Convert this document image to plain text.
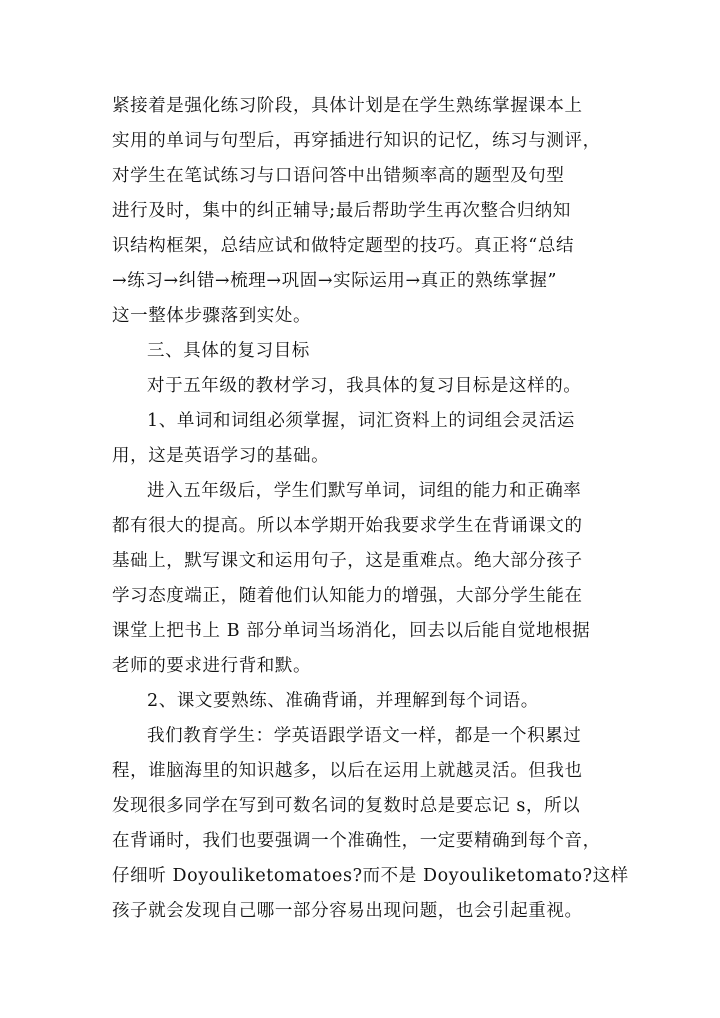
紧接着是强化练习阶段，具体计划是在学生熟练掌握课本上
实用的单词与句型后，再穿插进行知识的记忆，练习与测评，
对学生在笔试练习与口语问答中出错频率高的题型及句型
进行及时，集中的纠正辅导;最后帮助学生再次整合归纳知
识结构框架，总结应试和做特定题型的技巧。真正将“总结
→练习→纠错→梳理→巩固→实际运用→真正的熟练掌握”
这一整体步骤落到实处。
三、具体的复习目标
对于五年级的教材学习，我具体的复习目标是这样的。
1、单词和词组必须掌握，词汇资料上的词组会灵活运
用，这是英语学习的基础。
进入五年级后，学生们默写单词，词组的能力和正确率
都有很大的提高。所以本学期开始我要求学生在背诵课文的
基础上，默写课文和运用句子，这是重难点。绝大部分孩子
学习态度端正，随着他们认知能力的增强，大部分学生能在
课堂上把书上 B 部分单词当场消化，回去以后能自觉地根据
老师的要求进行背和默。
2、课文要熟练、准确背诵，并理解到每个词语。
我们教育学生：学英语跟学语文一样，都是一个积累过
程，谁脑海里的知识越多，以后在运用上就越灵活。但我也
发现很多同学在写到可数名词的复数时总是要忘记 s，所以
在背诵时，我们也要强调一个准确性，一定要精确到每个音，
仔细听 Doyouliketomatoes?而不是 Doyouliketomato?这样
孩子就会发现自己哪一部分容易出现问题，也会引起重视。
